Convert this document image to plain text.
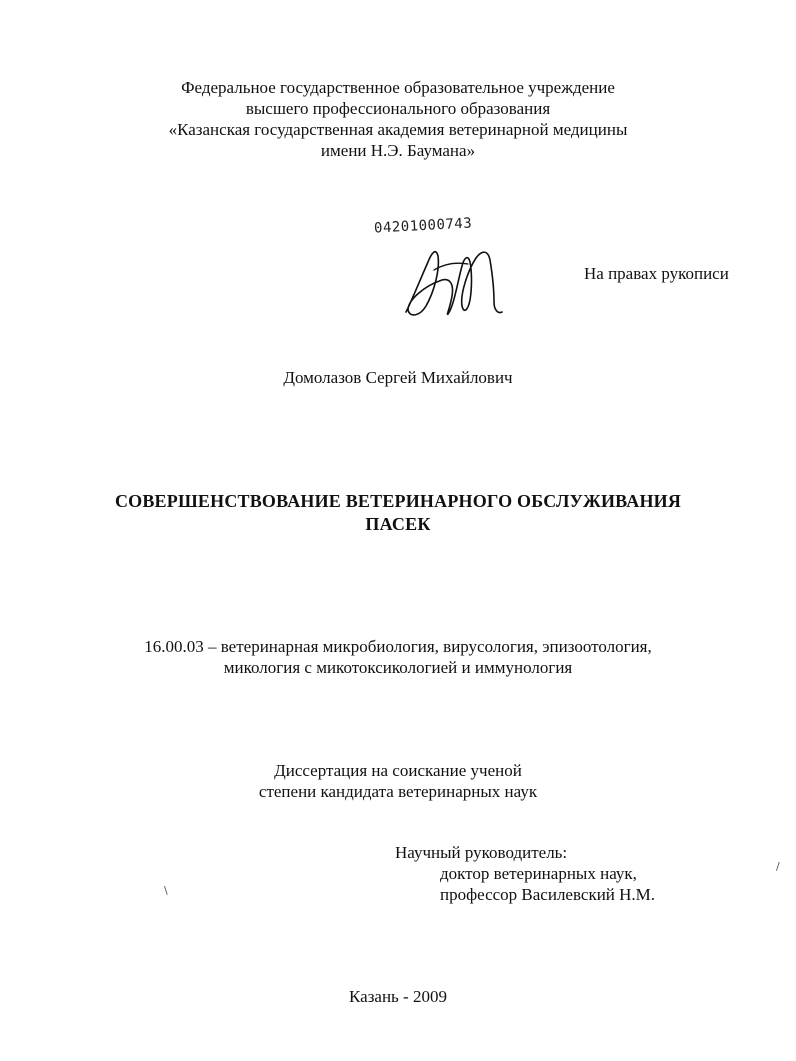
Федеральное государственное образовательное учреждение
высшего профессионального образования
«Казанская государственная академия ветеринарной медицины
имени Н.Э. Баумана»
04201000743
На правах рукописи
Домолазов Сергей Михайлович
СОВЕРШЕНСТВОВАНИЕ ВЕТЕРИНАРНОГО ОБСЛУЖИВАНИЯ
ПАСЕК
16.00.03 – ветеринарная микробиология, вирусология, эпизоотология,
микология с микотоксикологией и иммунология
Диссертация на соискание ученой
степени кандидата ветеринарных наук
Научный руководитель:
доктор ветеринарных наук,
профессор Василевский Н.М.
Казань - 2009
\
/
